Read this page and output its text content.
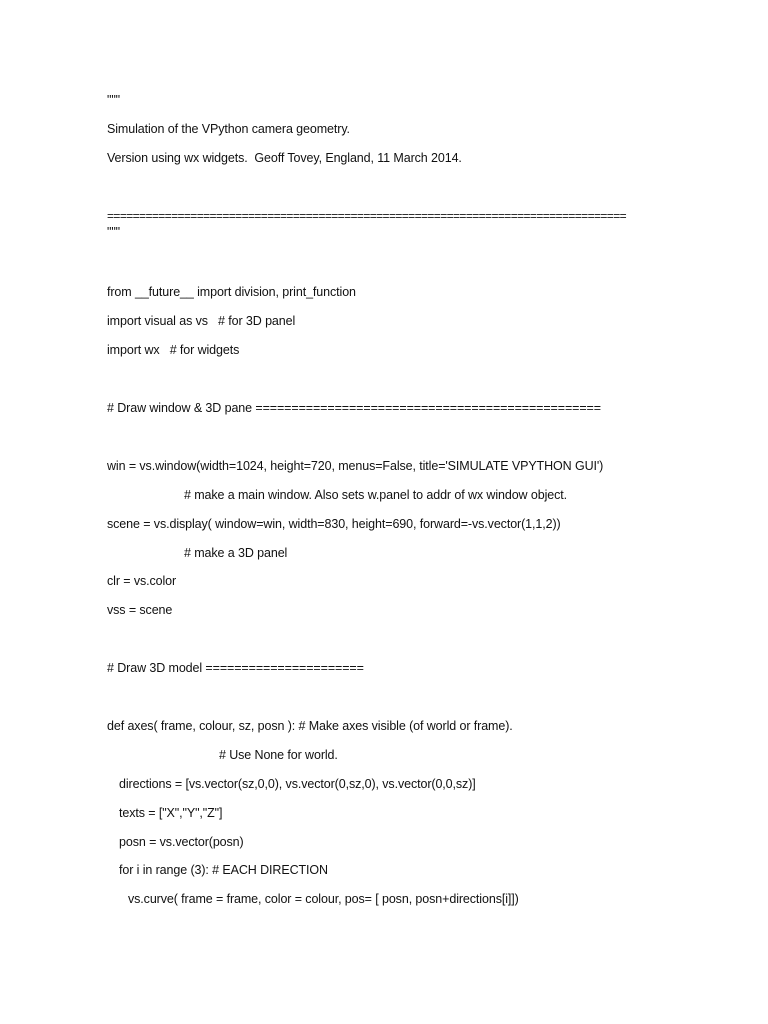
"""
Simulation of the VPython camera geometry.
Version using wx widgets.  Geoff Tovey, England, 11 March 2014.
=================================================================================
"""
from __future__ import division, print_function
import visual as vs   # for 3D panel
import wx   # for widgets
# Draw window & 3D pane ================================================
win = vs.window(width=1024, height=720, menus=False, title='SIMULATE VPYTHON GUI')
# make a main window. Also sets w.panel to addr of wx window object.
scene = vs.display( window=win, width=830, height=690, forward=-vs.vector(1,1,2))
# make a 3D panel
clr = vs.color
vss = scene
# Draw 3D model ======================
def axes( frame, colour, sz, posn ): # Make axes visible (of world or frame).
# Use None for world.
directions = [vs.vector(sz,0,0), vs.vector(0,sz,0), vs.vector(0,0,sz)]
texts = ["X","Y","Z"]
posn = vs.vector(posn)
for i in range (3): # EACH DIRECTION
vs.curve( frame = frame, color = colour, pos= [ posn, posn+directions[i]])
